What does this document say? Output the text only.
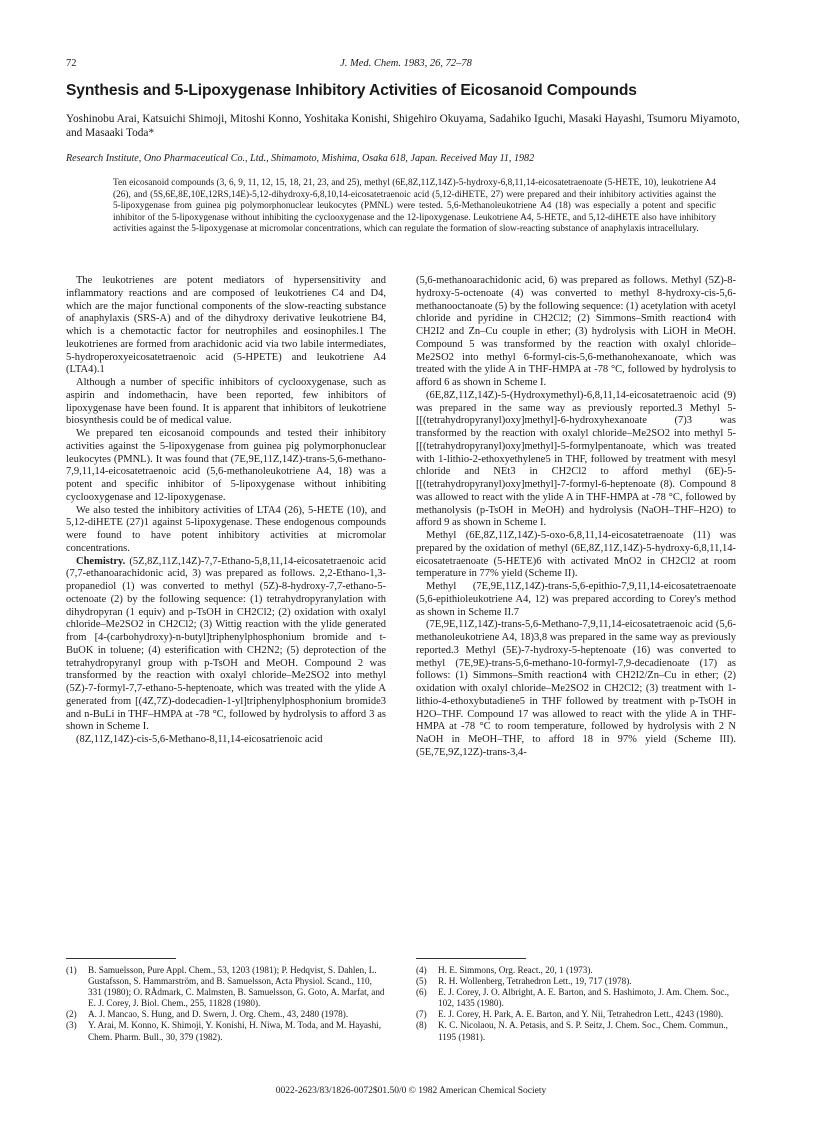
72	J. Med. Chem. 1983, 26, 72–78
Synthesis and 5-Lipoxygenase Inhibitory Activities of Eicosanoid Compounds
Yoshinobu Arai, Katsuichi Shimoji, Mitoshi Konno, Yoshitaka Konishi, Shigehiro Okuyama, Sadahiko Iguchi, Masaki Hayashi, Tsumoru Miyamoto, and Masaaki Toda*
Research Institute, Ono Pharmaceutical Co., Ltd., Shimamoto, Mishima, Osaka 618, Japan. Received May 11, 1982
Ten eicosanoid compounds (3, 6, 9, 11, 12, 15, 18, 21, 23, and 25), methyl (6E,8Z,11Z,14Z)-5-hydroxy-6,8,11,14-eicosatetraenoate (5-HETE, 10), leukotriene A4 (26), and (5S,6E,8E,10E,12RS,14E)-5,12-dihydroxy-6,8,10,14-eicosatetraenoic acid (5,12-diHETE, 27) were prepared and their inhibitory activities against the 5-lipoxygenase from guinea pig polymorphonuclear leukocytes (PMNL) were tested. 5,6-Methanoleukotriene A4 (18) was especially a potent and specific inhibitor of the 5-lipoxygenase without inhibiting the cyclooxygenase and the 12-lipoxygenase. Leukotriene A4, 5-HETE, and 5,12-diHETE also have inhibitory activities against the 5-lipoxygenase at micromolar concentrations, which can regulate the formation of slow-reacting substance of anaphylaxis intracellulary.

The leukotrienes are potent mediators of hypersensitivity and inflammatory reactions and are composed of leukotrienes C4 and D4, which are the major functional components of the slow-reacting substance of anaphylaxis (SRS-A) and of the dihydroxy derivative leukotriene B4, which is a chemotactic factor for neutrophiles and eosinophiles.1 The leukotrienes are formed from arachidonic acid via two labile intermediates, 5-hydroperoxyeicosatetraenoic acid (5-HPETE) and leukotriene A4 (LTA4).1

Although a number of specific inhibitors of cyclooxygenase, such as aspirin and indomethacin, have been reported, few inhibitors of lipoxygenase have been found. It is apparent that inhibitors of leukotriene biosynthesis could be of medical value.

We prepared ten eicosanoid compounds and tested their inhibitory activities against the 5-lipoxygenase from guinea pig polymorphonuclear leukocytes (PMNL). It was found that (7E,9E,11Z,14Z)-trans-5,6-methano-7,9,11,14-eicosatetraenoic acid (5,6-methanoleukotriene A4, 18) was a potent and specific inhibitor of 5-lipoxygenase without inhibiting cyclooxygenase and 12-lipoxygenase.

We also tested the inhibitory activities of LTA4 (26), 5-HETE (10), and 5,12-diHETE (27)1 against 5-lipoxygenase. These endogenous compounds were found to have potent inhibitory activities at micromolar concentrations.

Chemistry. (5Z,8Z,11Z,14Z)-7,7-Ethano-5,8,11,14-eicosatetraenoic acid (7,7-ethanoarachidonic acid, 3) was prepared as follows. 2,2-Ethano-1,3-propanediol (1) was converted to methyl (5Z)-8-hydroxy-7,7-ethano-5-octenoate (2) by the following sequence: (1) tetrahydropyranylation with dihydropyran (1 equiv) and p-TsOH in CH2Cl2; (2) oxidation with oxalyl chloride–Me2SO2 in CH2Cl2; (3) Wittig reaction with the ylide generated from [4-(carbohydroxy)-n-butyl]triphenylphosphonium bromide and t-BuOK in toluene; (4) esterification with CH2N2; (5) deprotection of the tetrahydropyranyl group with p-TsOH and MeOH. Compound 2 was transformed by the reaction with oxalyl chloride–Me2SO2 into methyl (5Z)-7-formyl-7,7-ethano-5-heptenoate, which was treated with the ylide A generated from [(4Z,7Z)-dodecadien-1-yl]triphenylphosphonium bromide3 and n-BuLi in THF–HMPA at -78 °C, followed by hydrolysis to afford 3 as shown in Scheme I.

(8Z,11Z,14Z)-cis-5,6-Methano-8,11,14-eicosatrienoic acid

(5,6-methanoarachidonic acid, 6) was prepared as follows. Methyl (5Z)-8-hydroxy-5-octenoate (4) was converted to methyl 8-hydroxy-cis-5,6-methanooctanoate (5) by the following sequence: (1) acetylation with acetyl chloride and pyridine in CH2Cl2; (2) Simmons–Smith reaction4 with CH2I2 and Zn–Cu couple in ether; (3) hydrolysis with LiOH in MeOH. Compound 5 was transformed by the reaction with oxalyl chloride–Me2SO2 into methyl 6-formyl-cis-5,6-methanohexanoate, which was treated with the ylide A in THF-HMPA at -78 °C, followed by hydrolysis to afford 6 as shown in Scheme I.

(6E,8Z,11Z,14Z)-5-(Hydroxymethyl)-6,8,11,14-eicosatetraenoic acid (9) was prepared in the same way as previously reported.3 Methyl 5-[[(tetrahydropyranyl)oxy]methyl]-6-hydroxyhexanoate (7)3 was transformed by the reaction with oxalyl chloride–Me2SO2 into methyl 5-[[(tetrahydropyranyl)oxy]methyl]-5-formylpentanoate, which was treated with 1-lithio-2-ethoxyethylene5 in THF, followed by treatment with mesyl chloride and NEt3 in CH2Cl2 to afford methyl (6E)-5-[[(tetrahydropyranyl)oxy]methyl]-7-formyl-6-heptenoate (8). Compound 8 was allowed to react with the ylide A in THF-HMPA at -78 °C, followed by methanolysis (p-TsOH in MeOH) and hydrolysis (NaOH–THF–H2O) to afford 9 as shown in Scheme I.

Methyl (6E,8Z,11Z,14Z)-5-oxo-6,8,11,14-eicosatetraenoate (11) was prepared by the oxidation of methyl (6E,8Z,11Z,14Z)-5-hydroxy-6,8,11,14-eicosatetraenoate (5-HETE)6 with activated MnO2 in CH2Cl2 at room temperature in 77% yield (Scheme II).

Methyl (7E,9E,11Z,14Z)-trans-5,6-epithio-7,9,11,14-eicosatetraenoate (5,6-epithioleukotriene A4, 12) was prepared according to Corey's method as shown in Scheme II.7

(7E,9E,11Z,14Z)-trans-5,6-Methano-7,9,11,14-eicosatetraenoic acid (5,6-methanoleukotriene A4, 18)3,8 was prepared in the same way as previously reported.3 Methyl (5E)-7-hydroxy-5-heptenoate (16) was converted to methyl (7E,9E)-trans-5,6-methano-10-formyl-7,9-decadienoate (17) as follows: (1) Simmons–Smith reaction4 with CH2I2/Zn–Cu in ether; (2) oxidation with oxalyl chloride–Me2SO2 in CH2Cl2; (3) treatment with 1-lithio-4-ethoxybutadiene5 in THF followed by treatment with p-TsOH in H2O–THF. Compound 17 was allowed to react with the ylide A in THF-HMPA at -78 °C to room temperature, followed by hydrolysis with 2 N NaOH in MeOH–THF, to afford 18 in 97% yield (Scheme III). (5E,7E,9Z,12Z)-trans-3,4-

(1) B. Samuelsson, Pure Appl. Chem., 53, 1203 (1981); P. Hedqvist, S. Dahlen, L. Gustafsson, S. Hammarström, and B. Samuelsson, Acta Physiol. Scand., 110, 331 (1980); O. RÅdmark, C. Malmsten, B. Samuelsson, G. Goto, A. Marfat, and E. J. Corey, J. Biol. Chem., 255, 11828 (1980).
(2) A. J. Mancao, S. Hung, and D. Swern, J. Org. Chem., 43, 2480 (1978).
(3) Y. Arai, M. Konno, K. Shimoji, Y. Konishi, H. Niwa, M. Toda, and M. Hayashi, Chem. Pharm. Bull., 30, 379 (1982).
(4) H. E. Simmons, Org. React., 20, 1 (1973).
(5) R. H. Wollenberg, Tetrahedron Lett., 19, 717 (1978).
(6) E. J. Corey, J. O. Albright, A. E. Barton, and S. Hashimoto, J. Am. Chem. Soc., 102, 1435 (1980).
(7) E. J. Corey, H. Park, A. E. Barton, and Y. Nii, Tetrahedron Lett., 4243 (1980).
(8) K. C. Nicolaou, N. A. Petasis, and S. P. Seitz, J. Chem. Soc., Chem. Commun., 1195 (1981).
0022-2623/83/1826-0072$01.50/0 © 1982 American Chemical Society
